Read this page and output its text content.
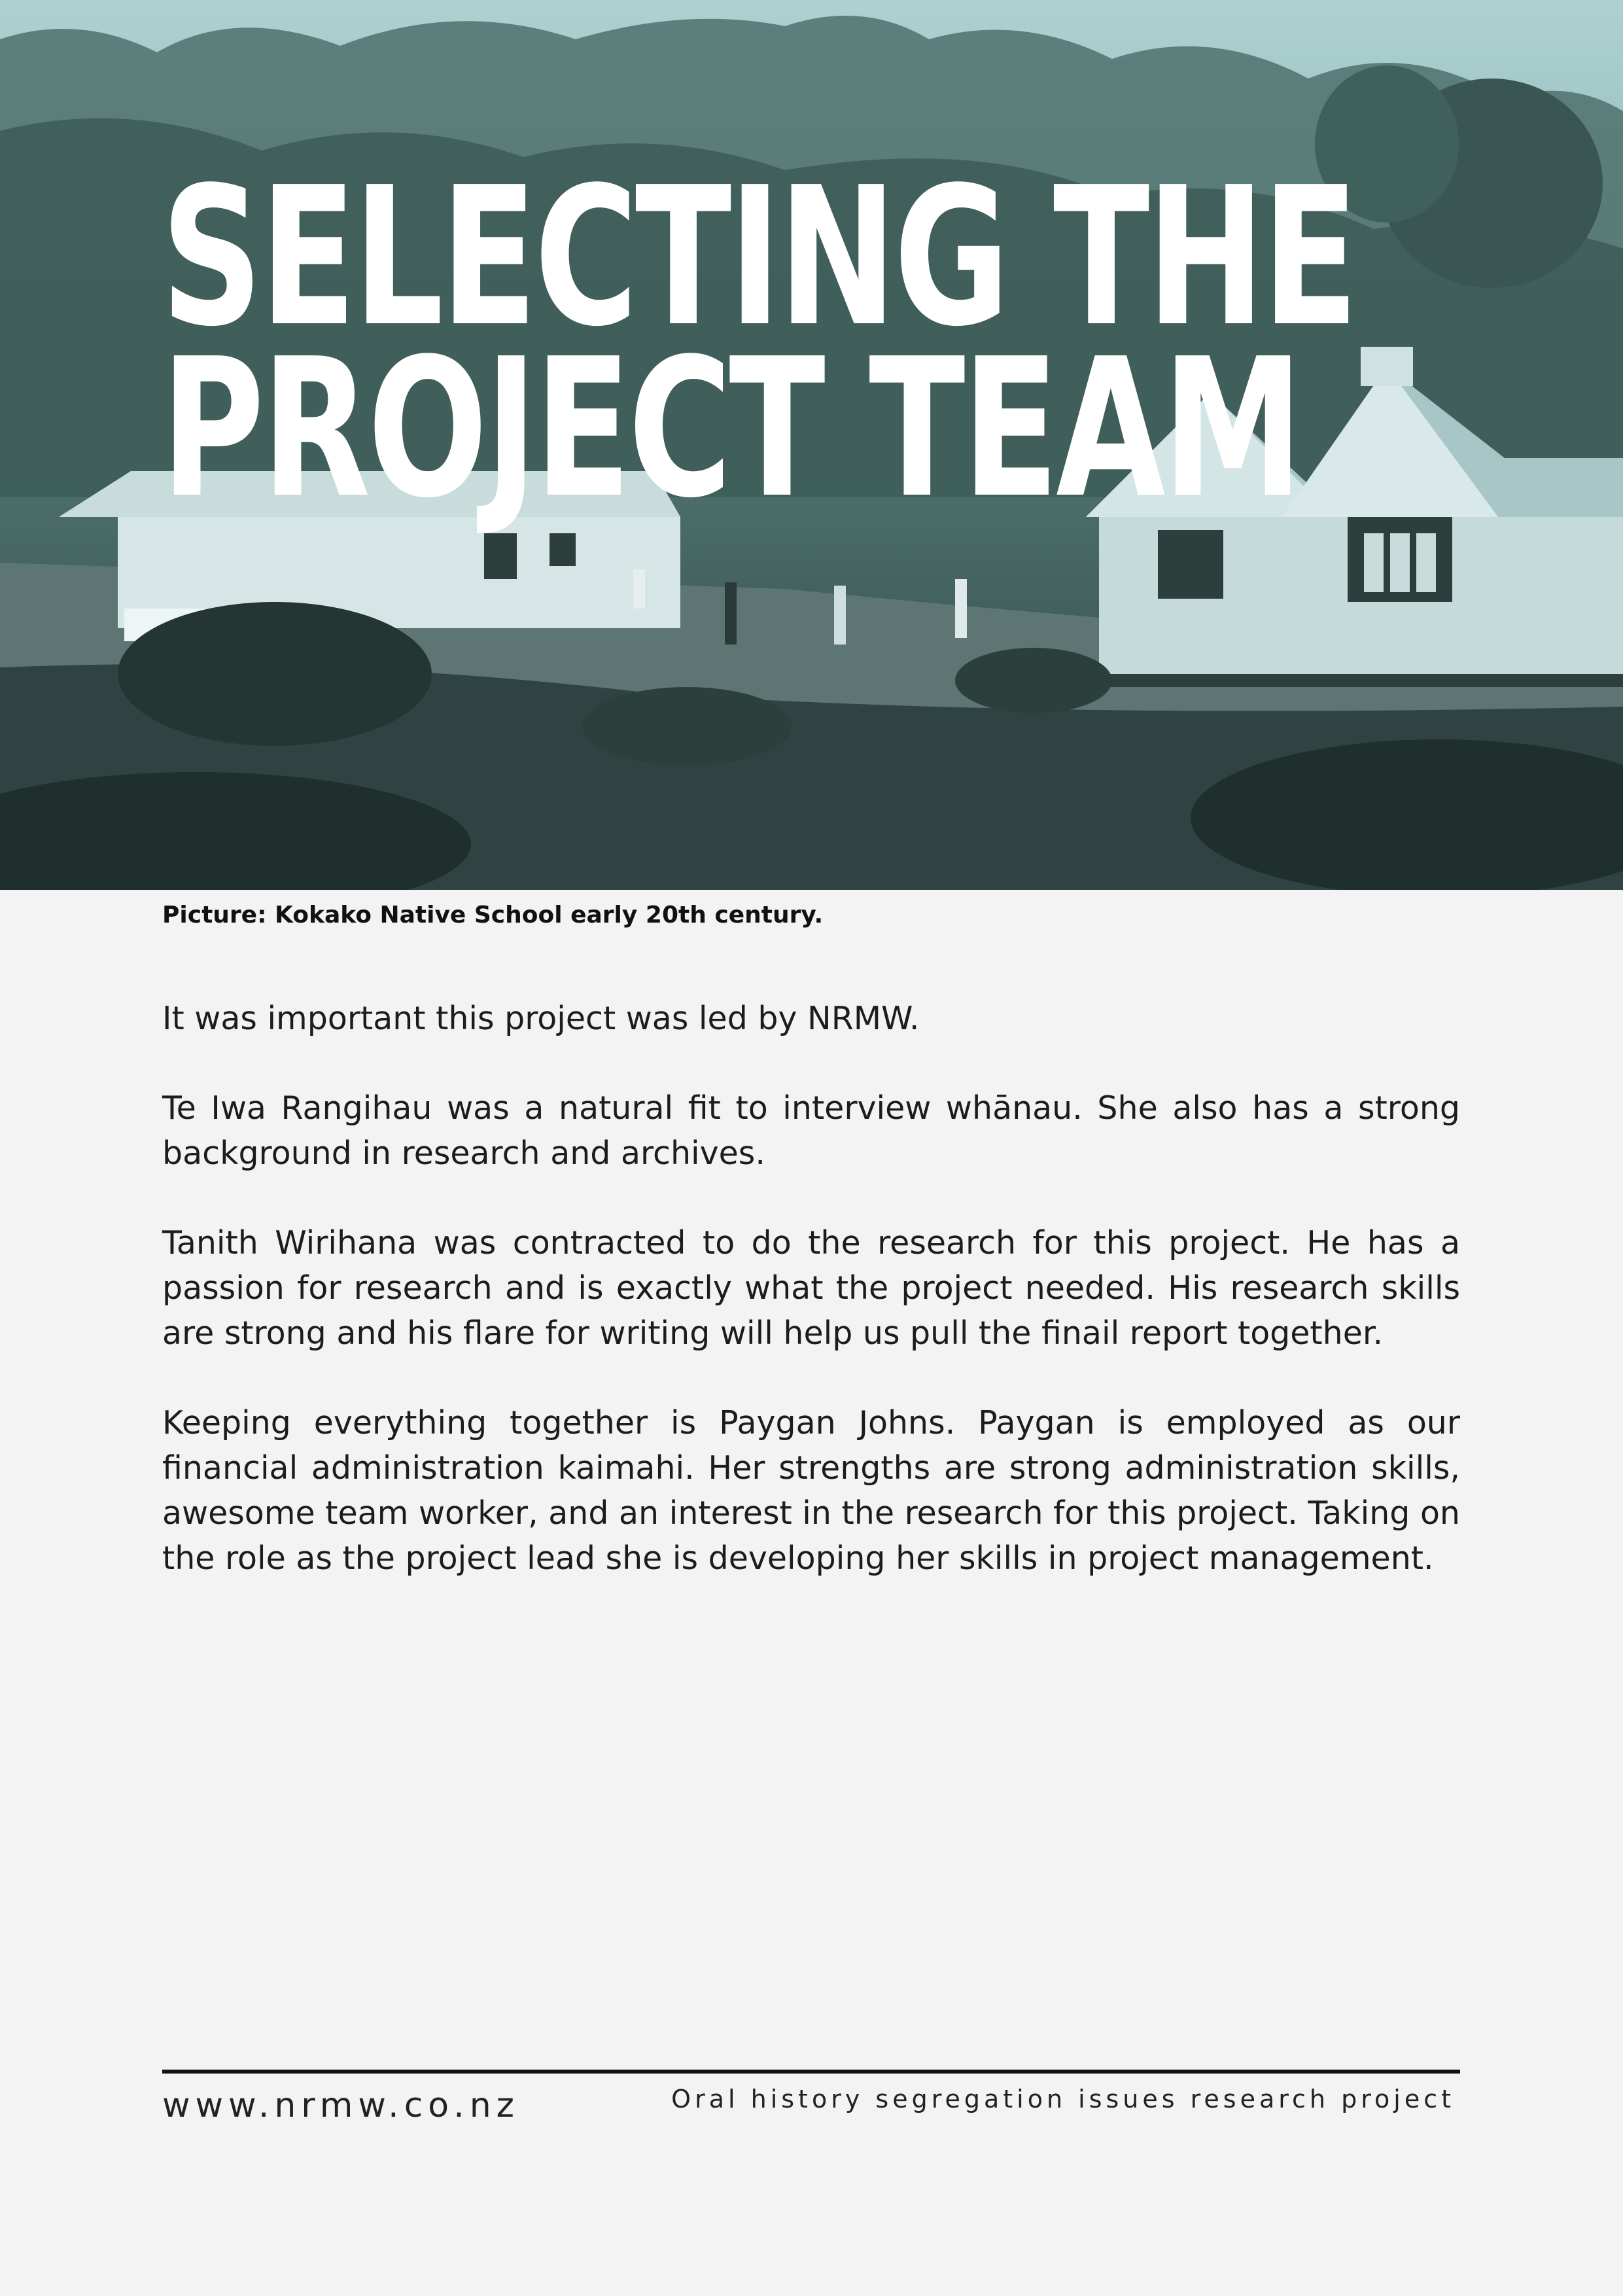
SELECTING THE
PROJECT TEAM
Picture: Kokako Native School early 20th century.

It was important this project was led by NRMW.

Te Iwa Rangihau was a natural fit to interview whānau. She also has a strong background in research and archives.

Tanith Wirihana was contracted to do the research for this project. He has a passion for research and is exactly what the project needed. His research skills are strong and his flare for writing will help us pull the finail report together.

Keeping everything together is Paygan Johns. Paygan is employed as our financial administration kaimahi. Her strengths are strong administration skills, awesome team worker, and an interest in the research for this project. Taking on the role as the project lead she is developing her skills in project management.

www.nrmw.co.nz	Oral history segregation issues research project
